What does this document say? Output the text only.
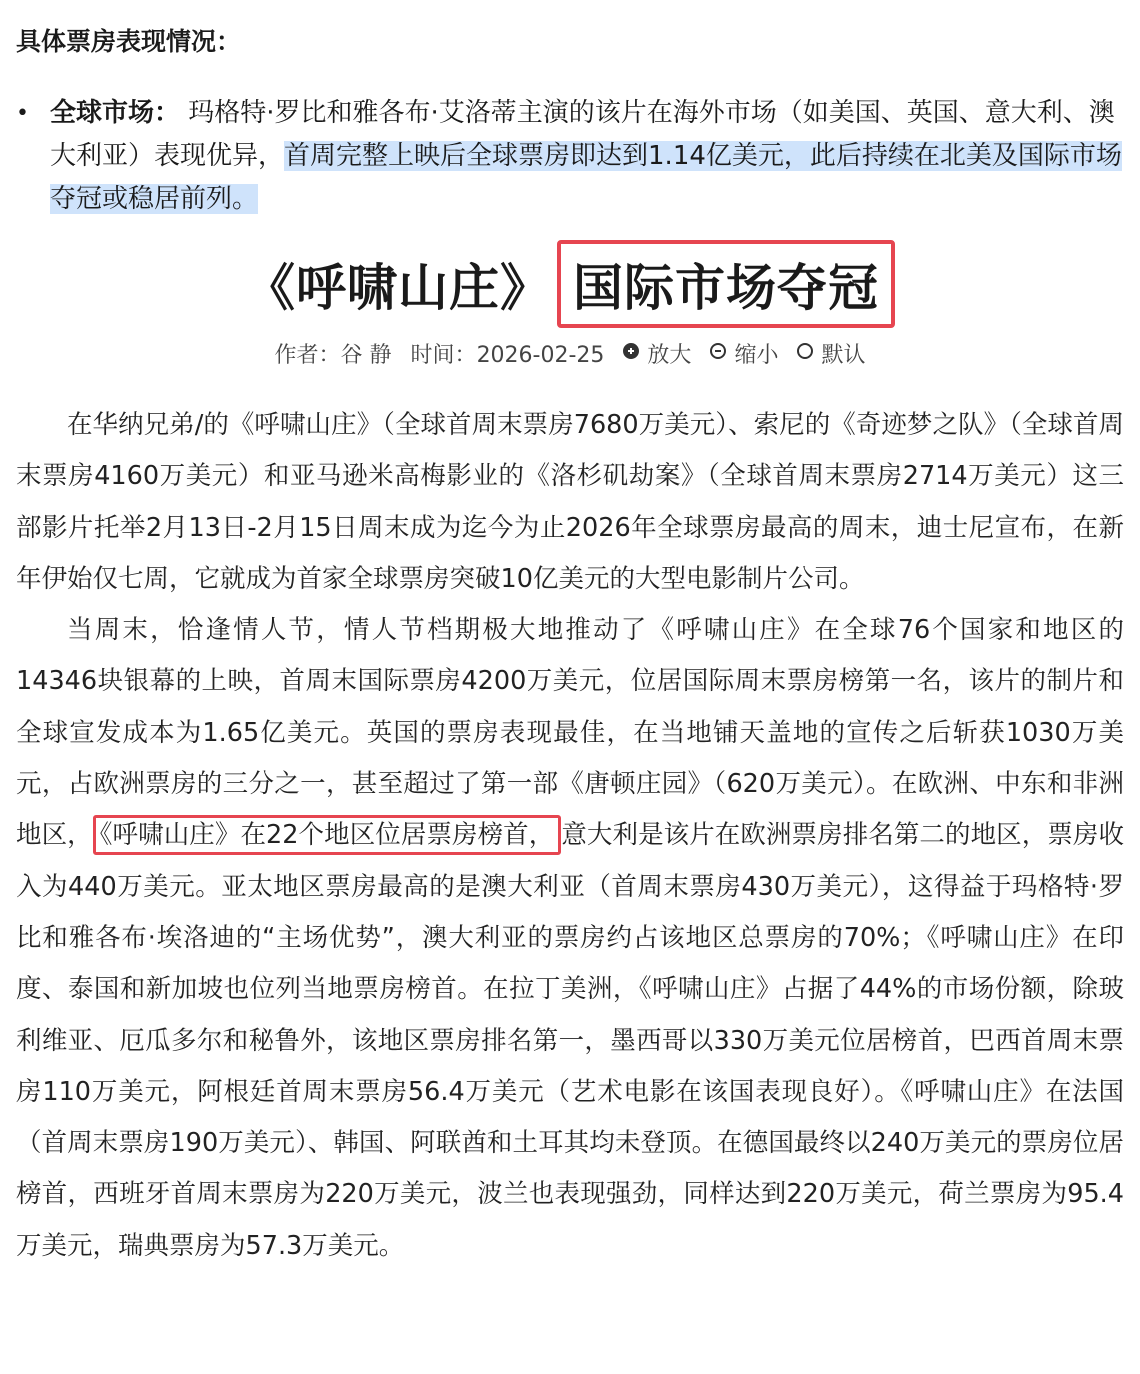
具体票房表现情况：
• 全球市场： 玛格特·罗比和雅各布·艾洛蒂主演的该片在海外市场（如美国、英国、意大利、澳大利亚）表现优异，首周完整上映后全球票房即达到1.14亿美元，此后持续在北美及国际市场夺冠或稳居前列。
《呼啸山庄》 国际市场夺冠
作者：谷 静 时间：2026-02-25 放大 缩小 默认

在华纳兄弟/的《呼啸山庄》（全球首周末票房7680万美元）、索尼的《奇迹梦之队》（全球首周末票房4160万美元）和亚马逊米高梅影业的《洛杉矶劫案》（全球首周末票房2714万美元）这三部影片托举2月13日-2月15日周末成为迄今为止2026年全球票房最高的周末，迪士尼宣布，在新年伊始仅七周，它就成为首家全球票房突破10亿美元的大型电影制片公司。

当周末，恰逢情人节，情人节档期极大地推动了《呼啸山庄》在全球76个国家和地区的14346块银幕的上映，首周末国际票房4200万美元，位居国际周末票房榜第一名，该片的制片和全球宣发成本为1.65亿美元。英国的票房表现最佳，在当地铺天盖地的宣传之后斩获1030万美元，占欧洲票房的三分之一，甚至超过了第一部《唐顿庄园》（620万美元）。在欧洲、中东和非洲地区， 《呼啸山庄》在22个地区位居票房榜首， 意大利是该片在欧洲票房排名第二的地区，票房收入为440万美元。亚太地区票房最高的是澳大利亚（首周末票房430万美元），这得益于玛格特·罗比和雅各布·埃洛迪的“主场优势”，澳大利亚的票房约占该地区总票房的70%；《呼啸山庄》在印度、泰国和新加坡也位列当地票房榜首。在拉丁美洲，《呼啸山庄》占据了44%的市场份额，除玻利维亚、厄瓜多尔和秘鲁外，该地区票房排名第一，墨西哥以330万美元位居榜首，巴西首周末票房110万美元，阿根廷首周末票房56.4万美元（艺术电影在该国表现良好）。《呼啸山庄》在法国（首周末票房190万美元）、韩国、阿联酋和土耳其均未登顶。在德国最终以240万美元的票房位居榜首，西班牙首周末票房为220万美元，波兰也表现强劲，同样达到220万美元，荷兰票房为95.4万美元，瑞典票房为57.3万美元。
